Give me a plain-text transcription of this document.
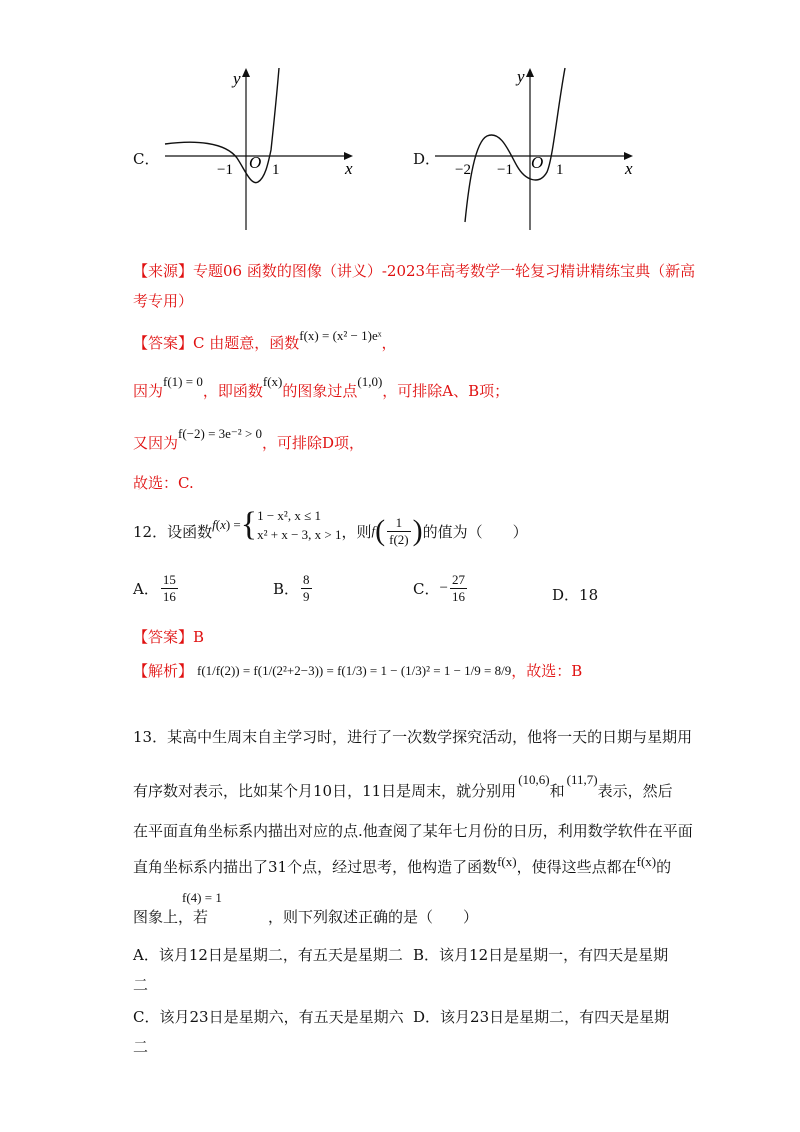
C．
y
x
O
−1	1
D．
y
x
O
−2 −1	1
【来源】专题06 函数的图像（讲义）-2023年高考数学一轮复习精讲精练宝典（新高
考专用）
【答案】C 由题意，函数f(x) = (x² − 1)eˣ，
因为f(1) = 0，即函数f(x)的图象过点(1,0)，可排除A、B项；
又因为f(−2) = 3e⁻² > 0，可排除D项，
故选：C.
12．设函数 f ( x ) = { 1 − x², x ≤ 1
x² + x − 3, x > 1 ，则 f ( $\frac{1}{f(2)}$ ) 的值为（　　）
A． $\frac{15}{16}$	B． $\frac{8}{9}$	C． − $\frac{27}{16}$	D．18
【答案】B
【解析】 f(1/f(2)) = f(1/(2²+2−3)) = f(1/3) = 1 − (1/3)² = 1 − 1/9 = 8/9 ，故选：B
13．某高中生周末自主学习时，进行了一次数学探究活动，他将一天的日期与星期用
有序数对表示，比如某个月10日，11日是周末，就分别用(10,6)和(11,7)表示，然后
在平面直角坐标系内描出对应的点.他查阅了某年七月份的日历，利用数学软件在平面
直角坐标系内描出了31个点，经过思考，他构造了函数f(x)，使得这些点都在f(x)的
f(4) = 1
图象上，若　　　　，则下列叙述正确的是（　　）
A．该月12日是星期二，有五天是星期二 B．该月12日是星期一，有四天是星期
二
C．该月23日是星期六，有五天是星期六 D．该月23日是星期二，有四天是星期
二
